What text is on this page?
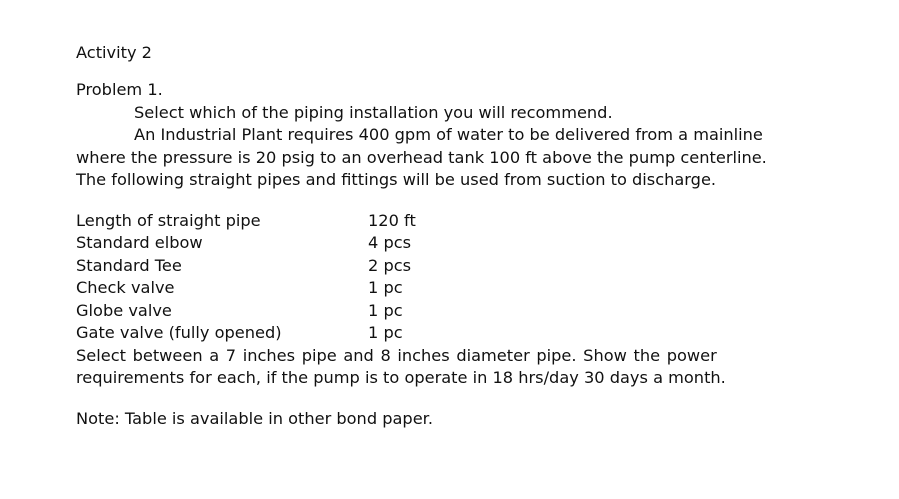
Activity 2
Problem 1.
Select which of the piping installation you will recommend.
An Industrial Plant requires 400 gpm of water to be delivered from a mainline
where the pressure is 20 psig to an overhead tank 100 ft above the pump centerline.
The following straight pipes and fittings will be used from suction to discharge.
Length of straight pipe	120 ft
Standard elbow	4 pcs
Standard Tee	2 pcs
Check valve	1 pc
Globe valve	1 pc
Gate valve (fully opened)	1 pc
Select between a 7 inches pipe and 8 inches diameter pipe. Show the power
requirements for each, if the pump is to operate in 18 hrs/day 30 days a month.
Note: Table is available in other bond paper.
